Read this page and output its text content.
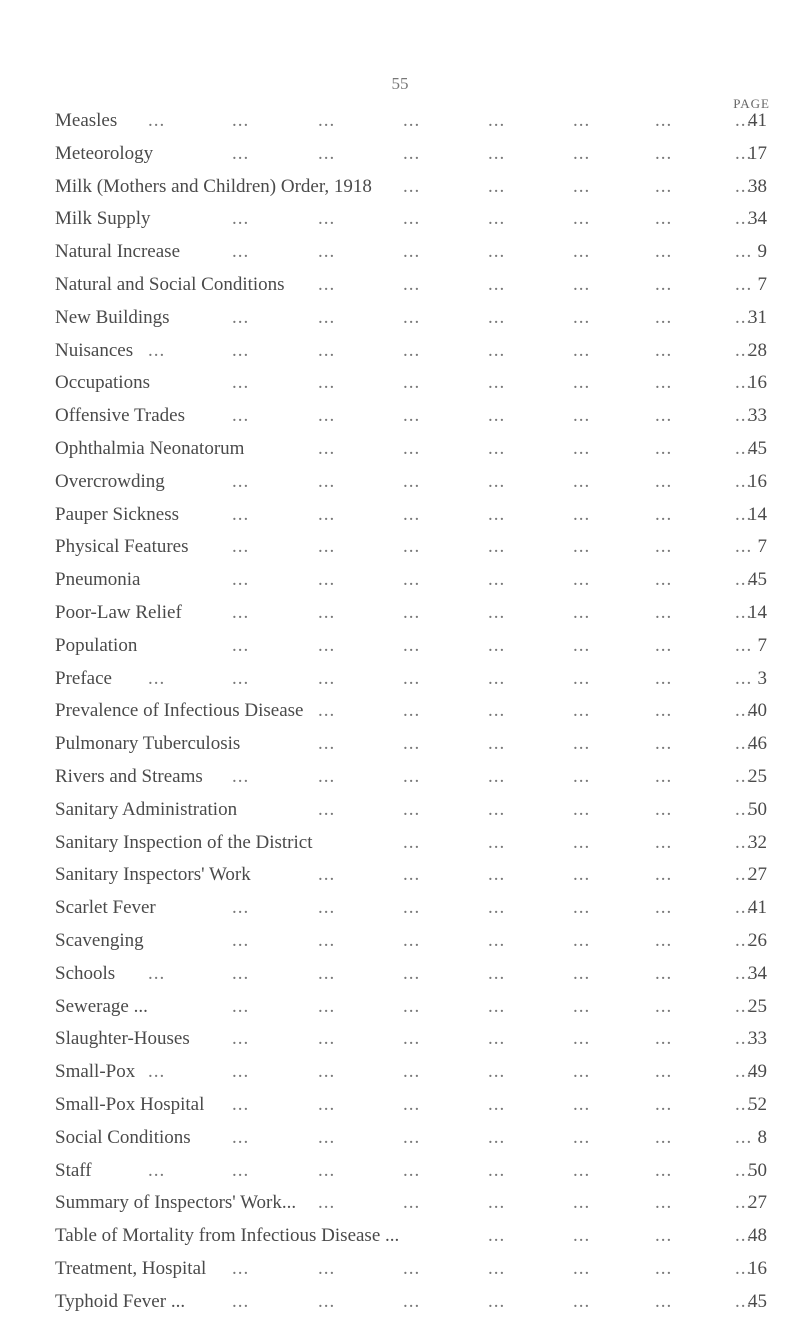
55
PAGE
Measles	41
...	...	...	...	...	...	...	...
Meteorology	17
...	...	...	...	...	...	...
Milk (Mothers and Children) Order, 1918	38
...	...	...	...	...
Milk Supply	34
...	...	...	...	...	...	...
Natural Increase	9
...	...	...	...	...	...	...
Natural and Social Conditions	7
...	...	...	...	...	...
New Buildings	31
...	...	...	...	...	...	...
Nuisances	28
...	...	...	...	...	...	...	...
Occupations	16
...	...	...	...	...	...	...
Offensive Trades	33
...	...	...	...	...	...	...
Ophthalmia Neonatorum	45
...	...	...	...	...	...
Overcrowding	16
...	...	...	...	...	...	...
Pauper Sickness	14
...	...	...	...	...	...	...
Physical Features	7
...	...	...	...	...	...	...
Pneumonia	45
...	...	...	...	...	...	...
Poor-Law Relief	14
...	...	...	...	...	...	...
Population	7
...	...	...	...	...	...	...
Preface	3
...	...	...	...	...	...	...	...
Prevalence of Infectious Disease	40
...	...	...	...	...	...
Pulmonary Tuberculosis	46
...	...	...	...	...	...
Rivers and Streams	25
...	...	...	...	...	...	...
Sanitary Administration	50
...	...	...	...	...	...
Sanitary Inspection of the District	32
...	...	...	...	...
Sanitary Inspectors' Work	27
...	...	...	...	...	...
Scarlet Fever	41
...	...	...	...	...	...	...
Scavenging	26
...	...	...	...	...	...	...
Schools	34
...	...	...	...	...	...	...	...
Sewerage ...	25
...	...	...	...	...	...	...
Slaughter-Houses	33
...	...	...	...	...	...	...
Small-Pox	49
...	...	...	...	...	...	...	...
Small-Pox Hospital	52
...	...	...	...	...	...	...
Social Conditions	8
...	...	...	...	...	...	...
Staff	50
...	...	...	...	...	...	...	...
Summary of Inspectors' Work...	27
...	...	...	...	...	...
Table of Mortality from Infectious Disease ...	48
...	...	...	...
Treatment, Hospital	16
...	...	...	...	...	...	...
Typhoid Fever ...	45
...	...	...	...	...	...	...
